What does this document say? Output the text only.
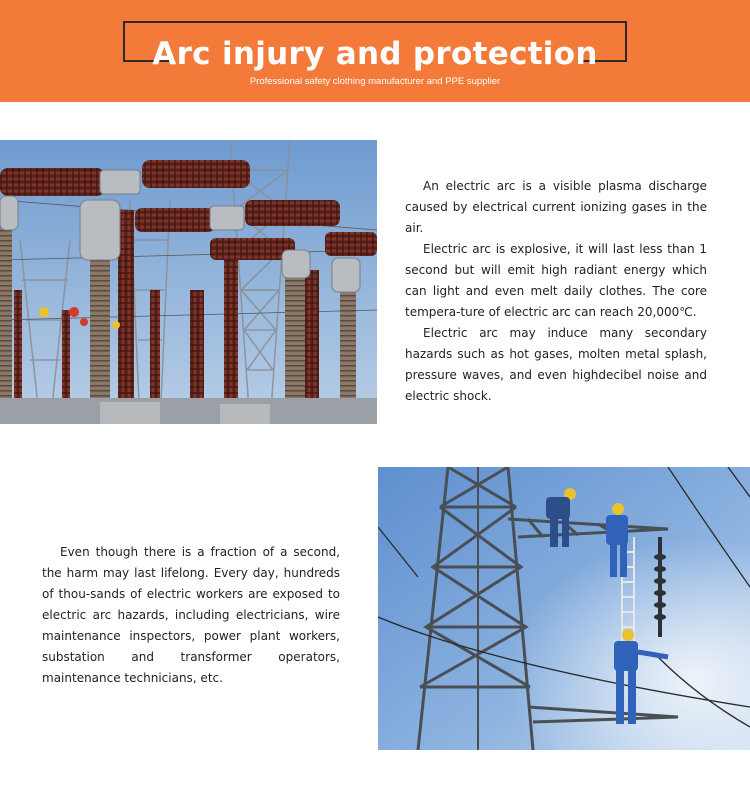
Arc injury and protection
Professional safety clothing manufacturer and PPE supplier

An electric arc is a visible plasma discharge caused by electrical current ionizing gases in the air.

Electric arc is explosive, it will last less than 1 second but will emit high radiant energy which can light and even melt daily clothes. The core tempera-ture of electric arc can reach 20,000℃.

Electric arc may induce many secondary hazards such as hot gases, molten metal splash, pressure waves, and even highdecibel noise and electric shock.

Even though there is a fraction of a second, the harm may last lifelong. Every day, hundreds of thou-sands of electric workers are exposed to electric arc hazards, including electricians, wire maintenance inspectors, power plant workers, substation and transformer operators, maintenance technicians, etc.
